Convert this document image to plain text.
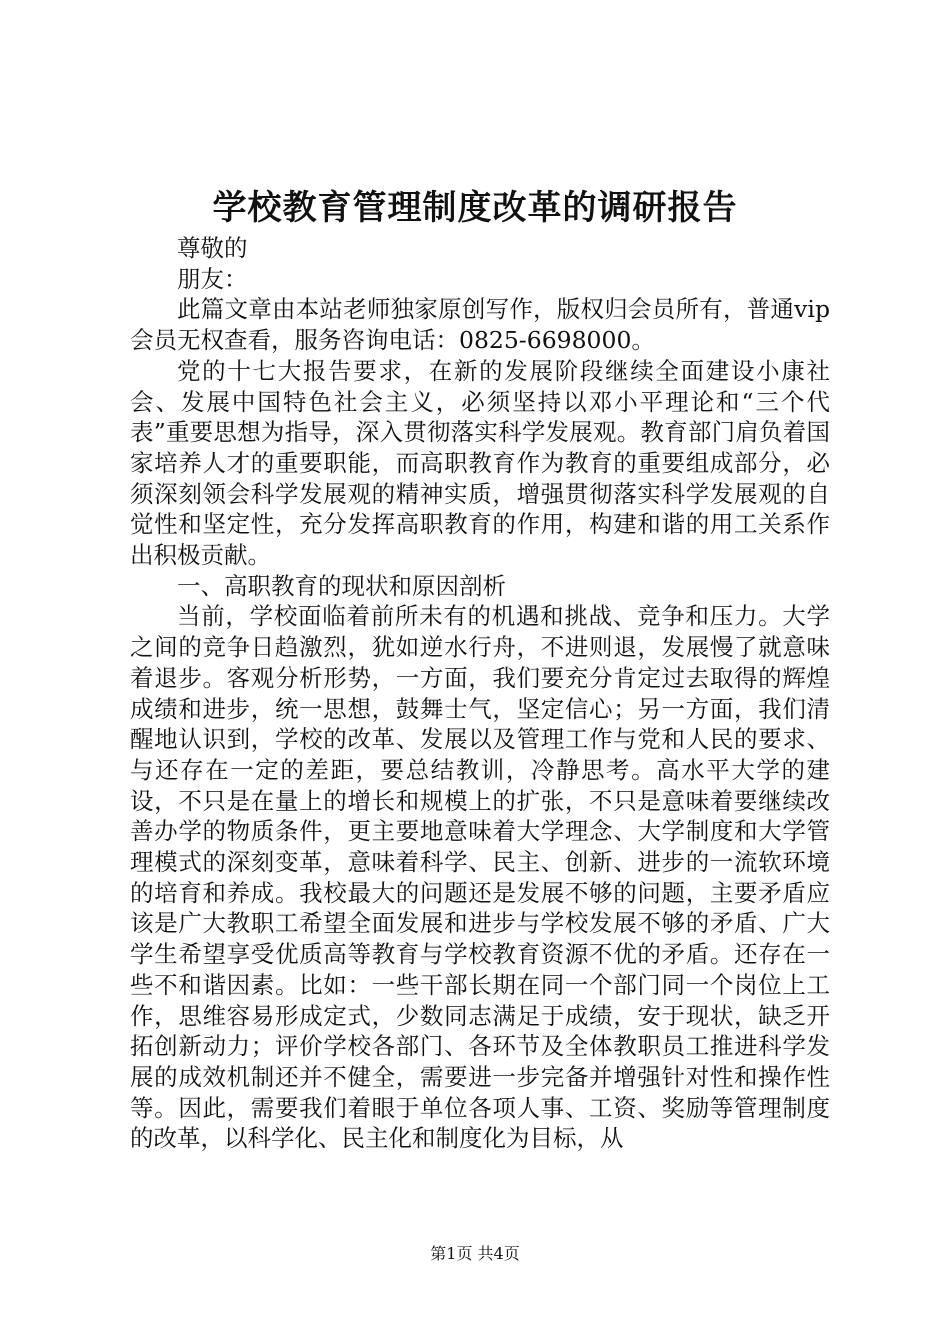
学校教育管理制度改革的调研报告

尊敬的

朋友：

此篇文章由本站老师独家原创写作，版权归会员所有，普通vip会员无权查看，服务咨询电话：0825-6698000。

党的十七大报告要求，在新的发展阶段继续全面建设小康社会、发展中国特色社会主义，必须坚持以邓小平理论和“三个代表”重要思想为指导，深入贯彻落实科学发展观。教育部门肩负着国家培养人才的重要职能，而高职教育作为教育的重要组成部分，必须深刻领会科学发展观的精神实质，增强贯彻落实科学发展观的自觉性和坚定性，充分发挥高职教育的作用，构建和谐的用工关系作出积极贡献。

一、高职教育的现状和原因剖析

当前，学校面临着前所未有的机遇和挑战、竞争和压力。大学之间的竞争日趋激烈，犹如逆水行舟，不进则退，发展慢了就意味着退步。客观分析形势，一方面，我们要充分肯定过去取得的辉煌成绩和进步，统一思想，鼓舞士气，坚定信心；另一方面，我们清醒地认识到，学校的改革、发展以及管理工作与党和人民的要求、与还存在一定的差距，要总结教训，冷静思考。高水平大学的建设，不只是在量上的增长和规模上的扩张，不只是意味着要继续改善办学的物质条件，更主要地意味着大学理念、大学制度和大学管理模式的深刻变革，意味着科学、民主、创新、进步的一流软环境的培育和养成。我校最大的问题还是发展不够的问题，主要矛盾应该是广大教职工希望全面发展和进步与学校发展不够的矛盾、广大学生希望享受优质高等教育与学校教育资源不优的矛盾。还存在一些不和谐因素。比如：一些干部长期在同一个部门同一个岗位上工作，思维容易形成定式，少数同志满足于成绩，安于现状，缺乏开拓创新动力；评价学校各部门、各环节及全体教职员工推进科学发展的成效机制还并不健全，需要进一步完备并增强针对性和操作性等。因此，需要我们着眼于单位各项人事、工资、奖励等管理制度的改革，以科学化、民主化和制度化为目标，从

第1页 共4页
